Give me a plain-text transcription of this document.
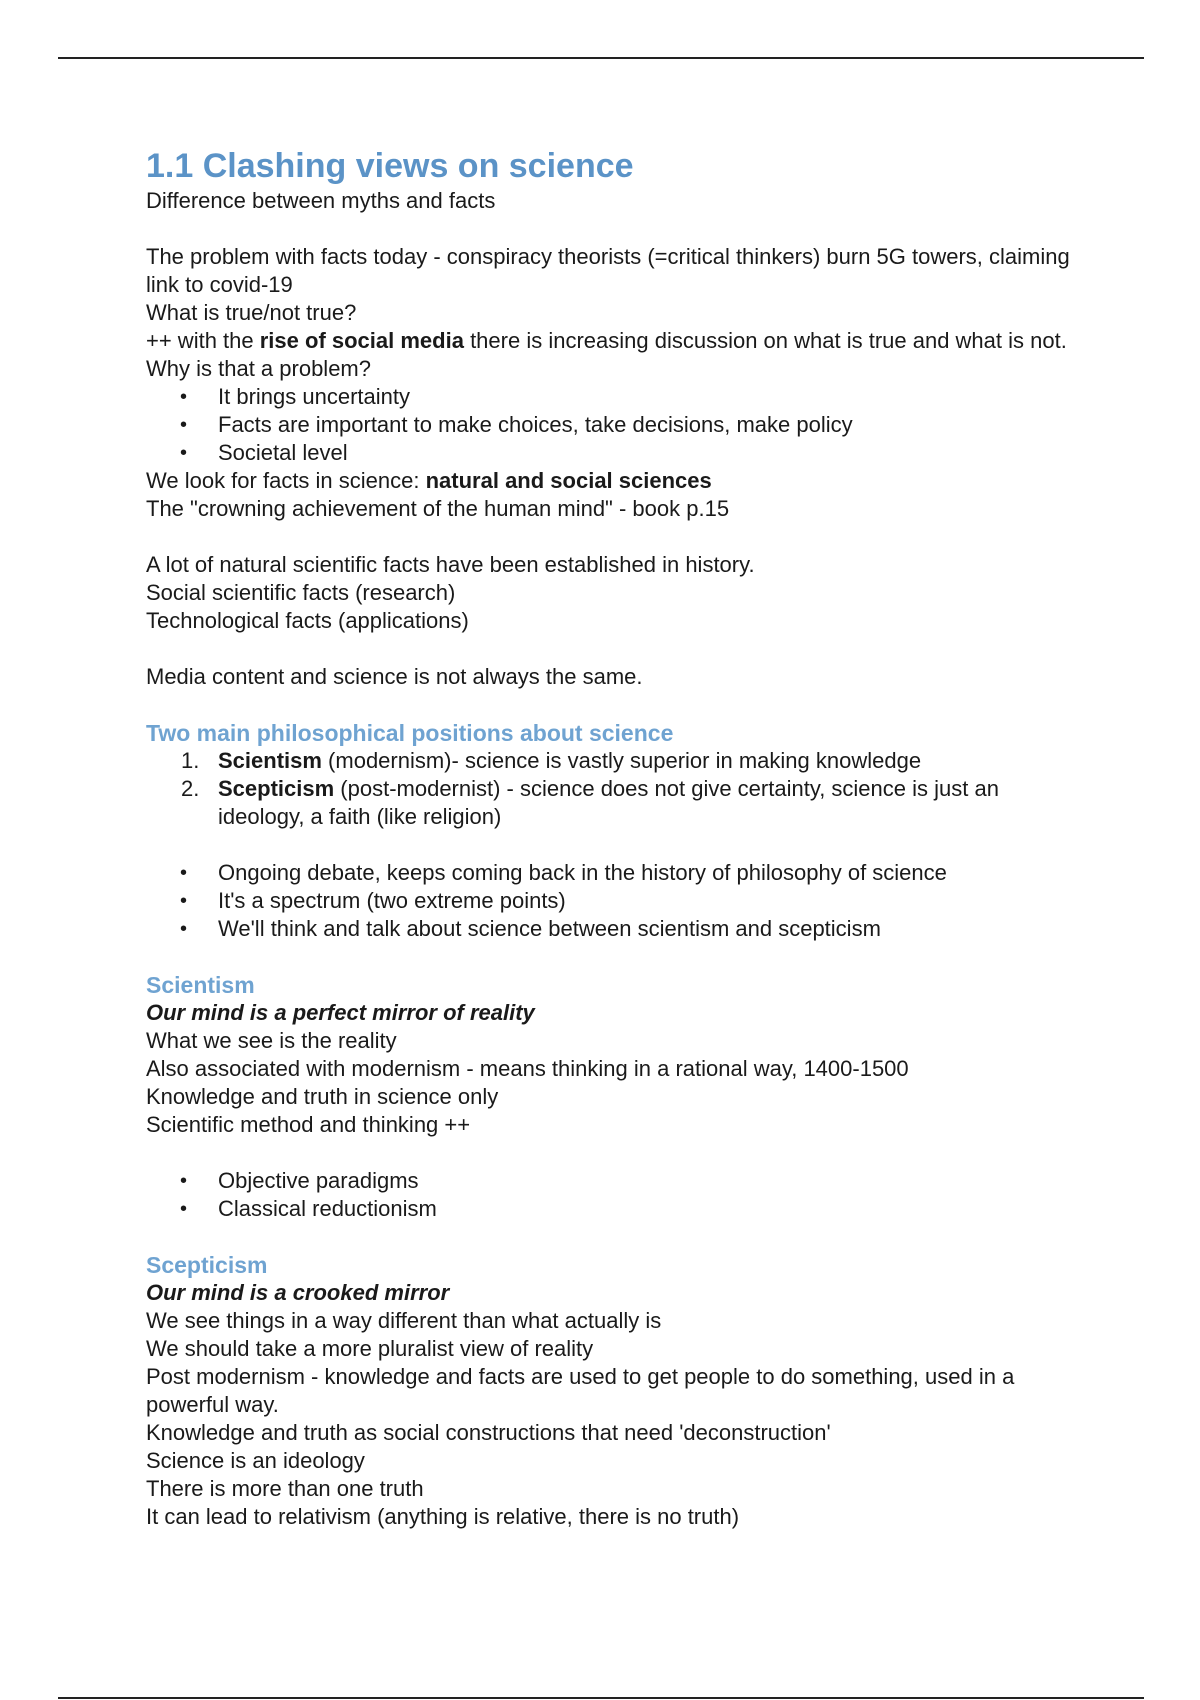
1.1 Clashing views on science

Difference between myths and facts

The problem with facts today - conspiracy theorists (=critical thinkers) burn 5G towers, claiming link to covid-19

What is true/not true?

++ with the rise of social media there is increasing discussion on what is true and what is not.

Why is that a problem?

• It brings uncertainty
• Facts are important to make choices, take decisions, make policy
• Societal level

We look for facts in science: natural and social sciences

The "crowning achievement of the human mind" - book p.15

A lot of natural scientific facts have been established in history.

Social scientific facts (research)

Technological facts (applications)

Media content and science is not always the same.

Two main philosophical positions about science
1. Scientism (modernism)- science is vastly superior in making knowledge
2. Scepticism (post-modernist) - science does not give certainty, science is just an ideology, a faith (like religion)
• Ongoing debate, keeps coming back in the history of philosophy of science
• It's a spectrum (two extreme points)
• We'll think and talk about science between scientism and scepticism
Scientism

Our mind is a perfect mirror of reality

What we see is the reality

Also associated with modernism - means thinking in a rational way, 1400-1500

Knowledge and truth in science only

Scientific method and thinking ++

• Objective paradigms
• Classical reductionism
Scepticism

Our mind is a crooked mirror

We see things in a way different than what actually is

We should take a more pluralist view of reality

Post modernism - knowledge and facts are used to get people to do something, used in a powerful way.

Knowledge and truth as social constructions that need 'deconstruction'

Science is an ideology

There is more than one truth

It can lead to relativism (anything is relative, there is no truth)
